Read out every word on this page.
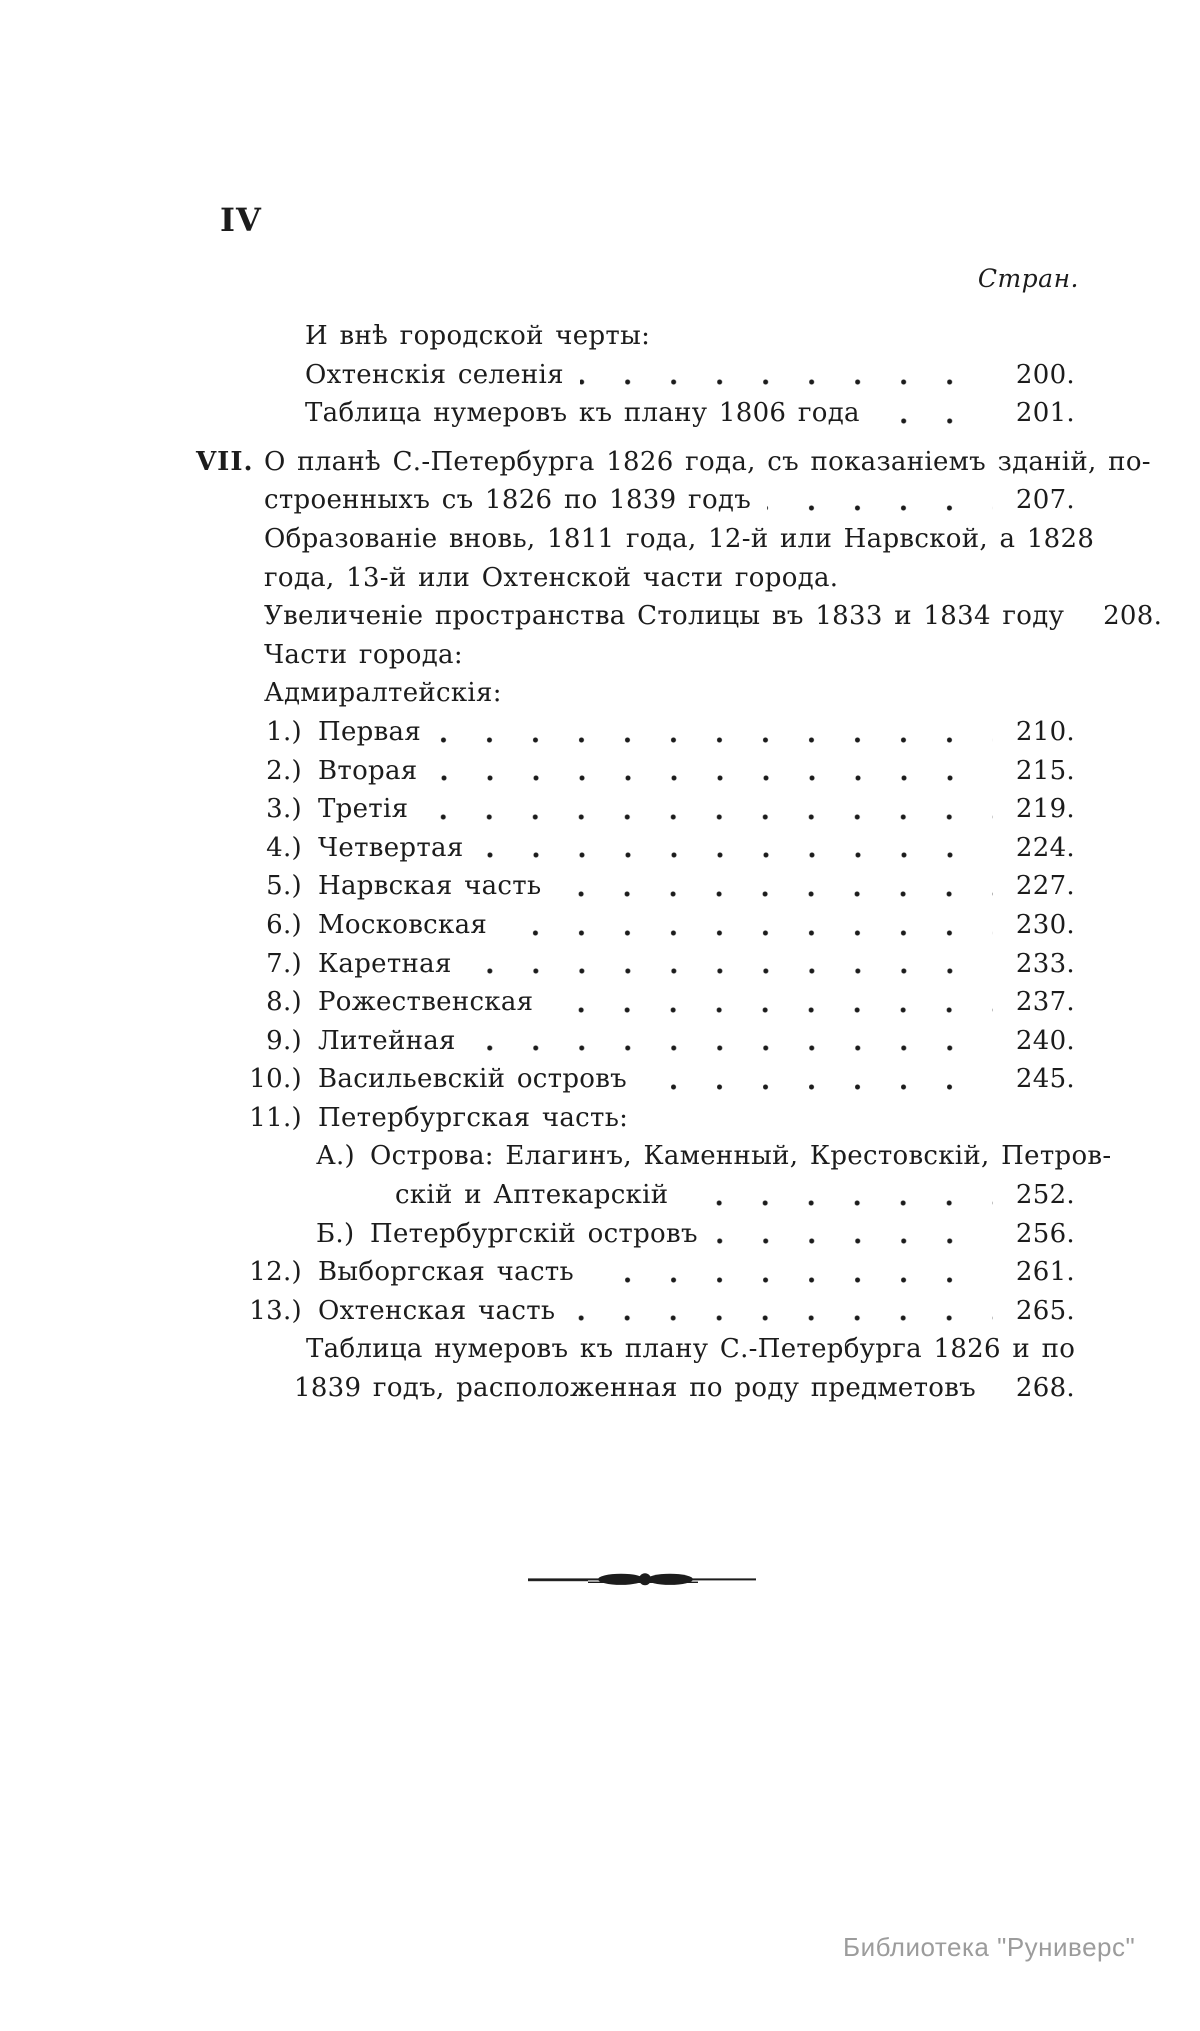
IV
Стран.
И внѣ городской черты:
Охтенскія селенія	200.
Таблица нумеровъ къ плану 1806 года	201.
VII. О планѣ С.-Петербурга 1826 года, съ показаніемъ зданій, по-
строенныхъ съ 1826 по 1839 годъ	207.
Образованіе вновь, 1811 года, 12-й или Нарвской, а 1828
года, 13-й или Охтенской части города.
Увеличеніе пространства Столицы въ 1833 и 1834 году	208.
Части города:
Адмиралтейскія:
1.) Первая	210.
2.) Вторая	215.
3.) Третія	219.
4.) Четвертая	224.
5.) Нарвская часть	227.
6.) Московская	230.
7.) Каретная	233.
8.) Рожественская	237.
9.) Литейная	240.
10.) Васильевскій островъ	245.
11.) Петербургская часть:
А.) Острова: Елагинъ, Каменный, Крестовскій, Петров-
скій и Аптекарскій	252.
Б.) Петербургскій островъ	256.
12.) Выборгская часть	261.
13.) Охтенская часть	265.
Таблица нумеровъ къ плану С.-Петербурга 1826 и по
1839 годъ, расположенная по роду предметовъ	268.
Библиотека "Руниверс"
